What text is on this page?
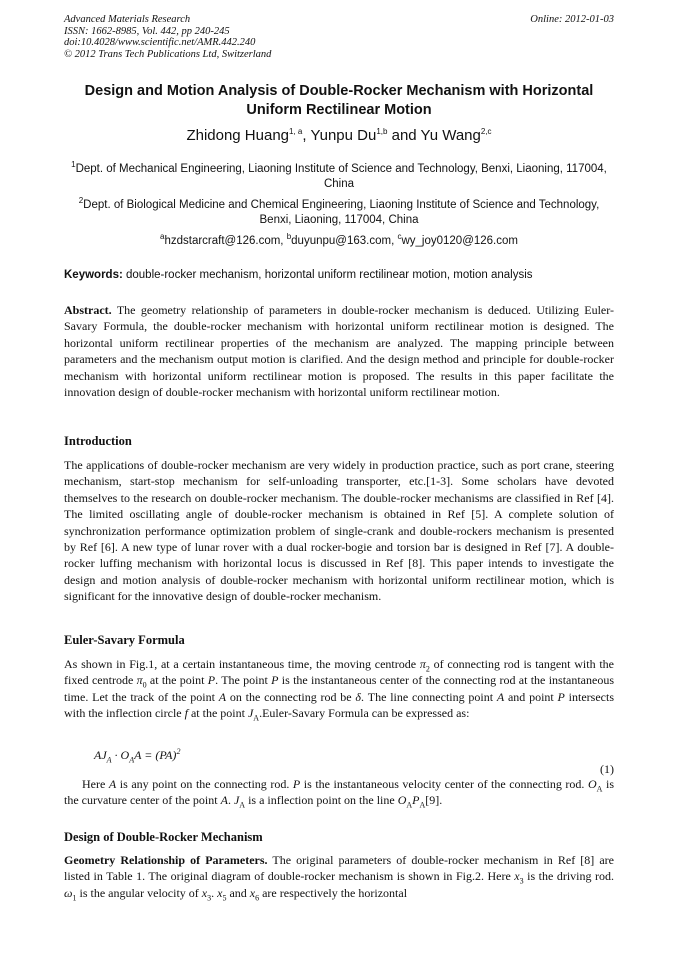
Advanced Materials Research
ISSN: 1662-8985, Vol. 442, pp 240-245
doi:10.4028/www.scientific.net/AMR.442.240
© 2012 Trans Tech Publications Ltd, Switzerland
Online: 2012-01-03
Design and Motion Analysis of Double-Rocker Mechanism with Horizontal Uniform Rectilinear Motion
Zhidong Huang$^{1, a}$, Yunpu Du$^{1,b}$ and Yu Wang$^{2,c}$
$^1$Dept. of Mechanical Engineering, Liaoning Institute of Science and Technology, Benxi, Liaoning, 117004, China
$^2$Dept. of Biological Medicine and Chemical Engineering, Liaoning Institute of Science and Technology, Benxi, Liaoning, 117004, China
$^a$hzdstarcraft@126.com, $^b$duyunpu@163.com, $^c$wy_joy0120@126.com
Keywords: double-rocker mechanism, horizontal uniform rectilinear motion, motion analysis
Abstract. The geometry relationship of parameters in double-rocker mechanism is deduced. Utilizing Euler-Savary Formula, the double-rocker mechanism with horizontal uniform rectilinear motion is designed. The horizontal uniform rectilinear properties of the mechanism are analyzed. The mapping principle between parameters and the mechanism output motion is clarified. And the design method and principle for double-rocker mechanism with horizontal uniform rectilinear motion is proposed. The results in this paper facilitate the innovation design of double-rocker mechanism with horizontal uniform rectilinear motion.
Introduction
The applications of double-rocker mechanism are very widely in production practice, such as port crane, steering mechanism, start-stop mechanism for self-unloading transporter, etc.[1-3]. Some scholars have devoted themselves to the research on double-rocker mechanism. The double-rocker mechanisms are classified in Ref [4]. The limited oscillating angle of double-rocker mechanism is obtained in Ref [5]. A complete solution of synchronization performance optimization problem of single-crank and double-rockers mechanism is presented by Ref [6]. A new type of lunar rover with a dual rocker-bogie and torsion bar is designed in Ref [7]. A double-rocker luffing mechanism with horizontal locus is discussed in Ref [8]. This paper intends to investigate the design and motion analysis of double-rocker mechanism with horizontal uniform rectilinear motion, which is significant for the innovative design of double-rocker mechanism.
Euler-Savary Formula
As shown in Fig.1, at a certain instantaneous time, the moving centrode $\pi_2$ of connecting rod is tangent with the fixed centrode $\pi_0$ at the point P. The point P is the instantaneous center of the connecting rod at the instantaneous time. Let the track of the point A on the connecting rod be δ. The line connecting point A and point P intersects with the inflection circle f at the point $J_A.Euler$-Savary Formula can be expressed as:
$AJ_A \cdot O_AA = (PA)^2$
(1)
Here A is any point on the connecting rod. P is the instantaneous velocity center of the connecting rod. $O_A$ is the curvature center of the point A. $J_A$ is a inflection point on the line $O_AP_A[9]$.
Design of Double-Rocker Mechanism
Geometry Relationship of Parameters. The original parameters of double-rocker mechanism in Ref [8] are listed in Table 1. The original diagram of double-rocker mechanism is shown in Fig.2. Here $x_3$ is the driving rod. $\omega_1$ is the angular velocity of $x_3$. $x_5$ and $x_6$ are respectively the horizontal
